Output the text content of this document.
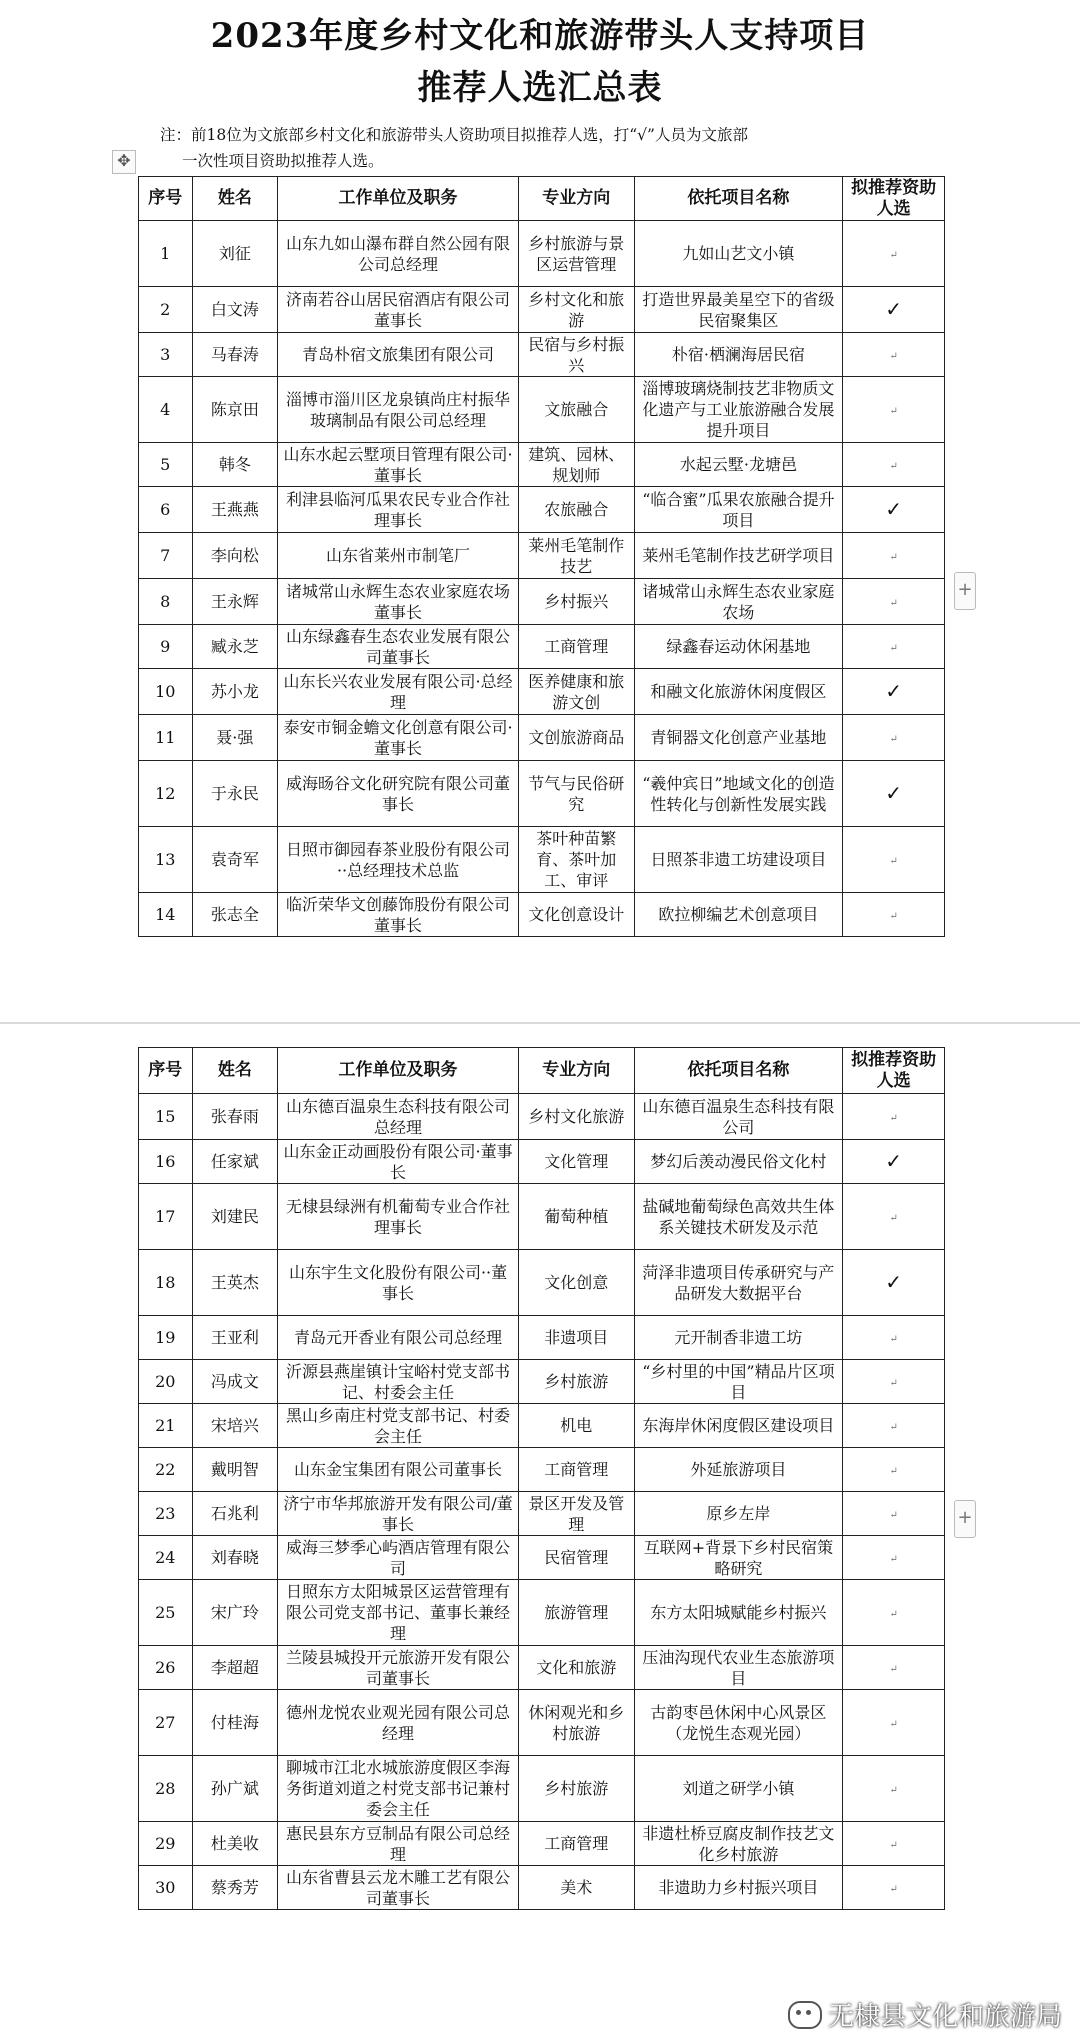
2023年度乡村文化和旅游带头人支持项目
推荐人选汇总表
注：前18位为文旅部乡村文化和旅游带头人资助项目拟推荐人选，打“√”人员为文旅部
一次性项目资助拟推荐人选。
✥
+
序号	姓名	工作单位及职务	专业方向	依托项目名称	拟推荐资助人选
1	刘征	山东九如山瀑布群自然公园有限公司总经理	乡村旅游与景区运营管理	九如山艺文小镇	↵
2	白文涛	济南若谷山居民宿酒店有限公司董事长	乡村文化和旅游	打造世界最美星空下的省级民宿聚集区	✓
3	马春涛	青岛朴宿文旅集团有限公司	民宿与乡村振兴	朴宿·栖澜海居民宿	↵
4	陈京田	淄博市淄川区龙泉镇尚庄村振华玻璃制品有限公司总经理	文旅融合	淄博玻璃烧制技艺非物质文化遗产与工业旅游融合发展提升项目	↵
5	韩冬	山东水起云墅项目管理有限公司·董事长	建筑、园林、规划师	水起云墅·龙塘邑	↵
6	王燕燕	利津县临河瓜果农民专业合作社理事长	农旅融合	“临合蜜”瓜果农旅融合提升项目	✓
7	李向松	山东省莱州市制笔厂	莱州毛笔制作技艺	莱州毛笔制作技艺研学项目	↵
8	王永辉	诸城常山永辉生态农业家庭农场董事长	乡村振兴	诸城常山永辉生态农业家庭农场	↵
9	臧永芝	山东绿鑫春生态农业发展有限公司董事长	工商管理	绿鑫春运动休闲基地	↵
10	苏小龙	山东长兴农业发展有限公司·总经理	医养健康和旅游文创	和融文化旅游休闲度假区	✓
11	聂·强	泰安市铜金蟾文化创意有限公司·董事长	文创旅游商品	青铜器文化创意产业基地	↵
12	于永民	威海旸谷文化研究院有限公司董事长	节气与民俗研究	“羲仲宾日”地域文化的创造性转化与创新性发展实践	✓
13	袁奇军	日照市御园春茶业股份有限公司··总经理技术总监	茶叶种苗繁育、茶叶加工、审评	日照茶非遗工坊建设项目	↵
14	张志全	临沂荣华文创藤饰股份有限公司董事长	文化创意设计	欧拉柳编艺术创意项目	↵
+
序号	姓名	工作单位及职务	专业方向	依托项目名称	拟推荐资助人选
15	张春雨	山东德百温泉生态科技有限公司总经理	乡村文化旅游	山东德百温泉生态科技有限公司	↵
16	任家斌	山东金正动画股份有限公司·董事长	文化管理	梦幻后羡动漫民俗文化村	✓
17	刘建民	无棣县绿洲有机葡萄专业合作社理事长	葡萄种植	盐碱地葡萄绿色高效共生体系关键技术研发及示范	↵
18	王英杰	山东宇生文化股份有限公司··董事长	文化创意	菏泽非遗项目传承研究与产品研发大数据平台	✓
19	王亚利	青岛元开香业有限公司总经理	非遗项目	元开制香非遗工坊	↵
20	冯成文	沂源县燕崖镇计宝峪村党支部书记、村委会主任	乡村旅游	“乡村里的中国”精品片区项目	↵
21	宋培兴	黑山乡南庄村党支部书记、村委会主任	机电	东海岸休闲度假区建设项目	↵
22	戴明智	山东金宝集团有限公司董事长	工商管理	外延旅游项目	↵
23	石兆利	济宁市华邦旅游开发有限公司/董事长	景区开发及管理	原乡左岸	↵
24	刘春晓	威海三梦季心屿酒店管理有限公司	民宿管理	互联网+背景下乡村民宿策略研究	↵
25	宋广玲	日照东方太阳城景区运营管理有限公司党支部书记、董事长兼经理	旅游管理	东方太阳城赋能乡村振兴	↵
26	李超超	兰陵县城投开元旅游开发有限公司董事长	文化和旅游	压油沟现代农业生态旅游项目	↵
27	付桂海	德州龙悦农业观光园有限公司总经理	休闲观光和乡村旅游	古韵枣邑休闲中心风景区（龙悦生态观光园）	↵
28	孙广斌	聊城市江北水城旅游度假区李海务街道刘道之村党支部书记兼村委会主任	乡村旅游	刘道之研学小镇	↵
29	杜美收	惠民县东方豆制品有限公司总经理	工商管理	非遗杜桥豆腐皮制作技艺文化乡村旅游	↵
30	蔡秀芳	山东省曹县云龙木雕工艺有限公司董事长	美术	非遗助力乡村振兴项目	↵
无棣县文化和旅游局
